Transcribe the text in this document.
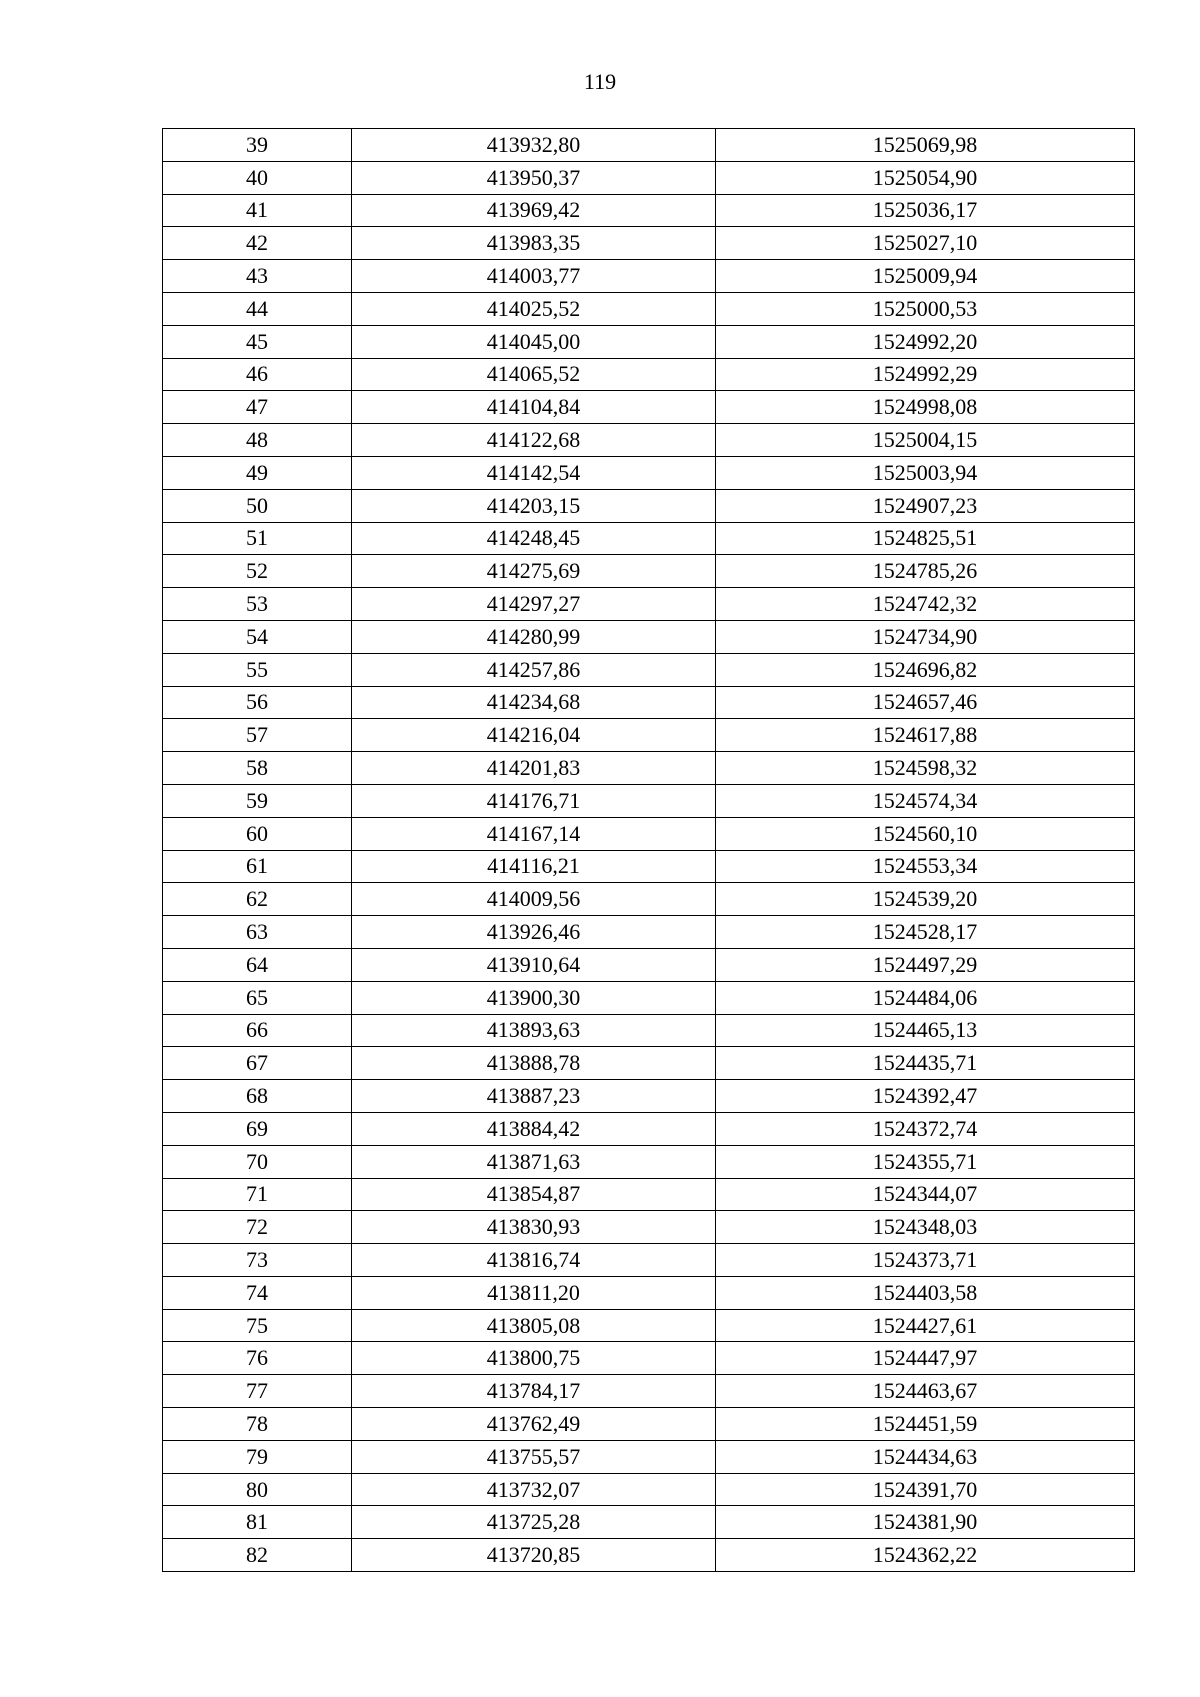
119
39	413932,80	1525069,98
40	413950,37	1525054,90
41	413969,42	1525036,17
42	413983,35	1525027,10
43	414003,77	1525009,94
44	414025,52	1525000,53
45	414045,00	1524992,20
46	414065,52	1524992,29
47	414104,84	1524998,08
48	414122,68	1525004,15
49	414142,54	1525003,94
50	414203,15	1524907,23
51	414248,45	1524825,51
52	414275,69	1524785,26
53	414297,27	1524742,32
54	414280,99	1524734,90
55	414257,86	1524696,82
56	414234,68	1524657,46
57	414216,04	1524617,88
58	414201,83	1524598,32
59	414176,71	1524574,34
60	414167,14	1524560,10
61	414116,21	1524553,34
62	414009,56	1524539,20
63	413926,46	1524528,17
64	413910,64	1524497,29
65	413900,30	1524484,06
66	413893,63	1524465,13
67	413888,78	1524435,71
68	413887,23	1524392,47
69	413884,42	1524372,74
70	413871,63	1524355,71
71	413854,87	1524344,07
72	413830,93	1524348,03
73	413816,74	1524373,71
74	413811,20	1524403,58
75	413805,08	1524427,61
76	413800,75	1524447,97
77	413784,17	1524463,67
78	413762,49	1524451,59
79	413755,57	1524434,63
80	413732,07	1524391,70
81	413725,28	1524381,90
82	413720,85	1524362,22
